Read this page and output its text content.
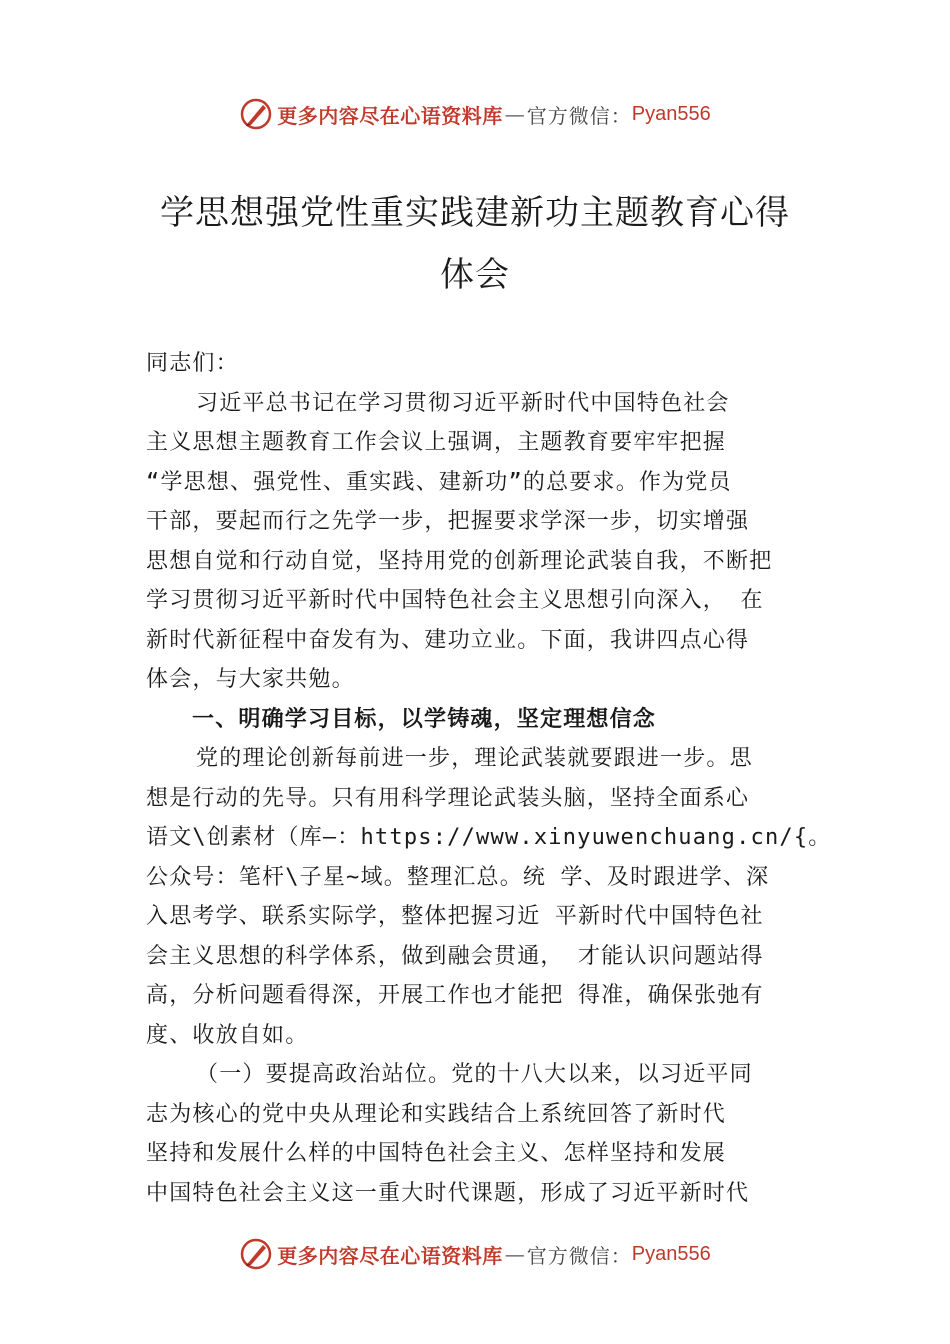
更多内容尽在心语资料库 — 官方微信： Pyan556
学思想强党性重实践建新功主题教育心得
体会

同志们：

习近平总书记在学习贯彻习近平新时代中国特色社会
主义思想主题教育工作会议上强调，主题教育要牢牢把握
“学思想、强党性、重实践、建新功”的总要求。作为党员
干部，要起而行之先学一步，把握要求学深一步，切实增强
思想自觉和行动自觉，坚持用党的创新理论武装自我，不断把
学习贯彻习近平新时代中国特色社会主义思想引向深入， 在
新时代新征程中奋发有为、建功立业。下面，我讲四点心得
体会，与大家共勉。

一、明确学习目标，以学铸魂，坚定理想信念

党的理论创新每前进一步，理论武装就要跟进一步。思
想是行动的先导。只有用科学理论武装头脑，坚持全面系心
语文\创素材（库—：https://www.xinyuwenchuang.cn/{。
公众号：笔杆\子星~域。整理汇总。统 学、及时跟进学、深
入思考学、联系实际学，整体把握习近 平新时代中国特色社
会主义思想的科学体系，做到融会贯通， 才能认识问题站得
高，分析问题看得深，开展工作也才能把 得准，确保张弛有
度、收放自如。

（一）要提高政治站位。党的十八大以来，以习近平同
志为核心的党中央从理论和实践结合上系统回答了新时代
坚持和发展什么样的中国特色社会主义、怎样坚持和发展
中国特色社会主义这一重大时代课题，形成了习近平新时代

更多内容尽在心语资料库 — 官方微信： Pyan556
